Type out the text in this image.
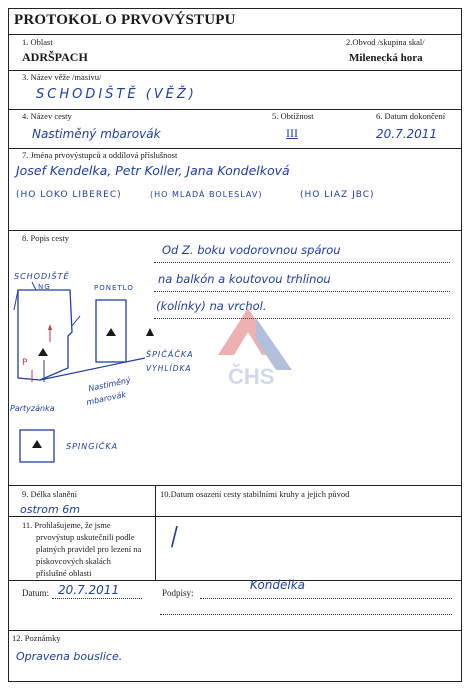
PROTOKOL O PRVOVÝSTUPU
1. Oblast
ADRŠPACH
2.Obvod /skupina skal/
Milenecká hora
3. Název věže /masivu/
SCHODIŠTĚ (VĚŽ)
4. Název cesty
Nastiměný mbarovák
5. Obtížnost
III
6. Datum dokončení
20.7.2011
7. Jména prvovýstupců a oddílová příslušnost
Josef Kendelka, Petr Koller, Jana Kondelková
(HO LOKO LIBEREC)	(HO MLADÁ BOLESLAV)	(HO LIAZ JBC)
8. Popis cesty
Od Z. boku vodorovnou spárou
na balkón a koutovou trhlinou
(kolínky) na vrchol.
ČHS
SCHODIŠTĚ
NG
P
PONETLO
ŠPIČÁČKA
VYHLÍDKA
Nastiměný
mbarovák
Partyzánka
SPINGIČKA
9. Délka slanění
ostrom 6m
10.Datum osazení cesty stabilními kruhy a jejich původ
11. Prohlašujeme, že jsme
prvovýstup uskutečnili podle
platných pravidel pro lezení na
pískovcových skalách
příslušné oblasti
/
Datum: 20.7.2011	Podpisy:
Kondelka
12. Poznámky
Opravena bouslice.
